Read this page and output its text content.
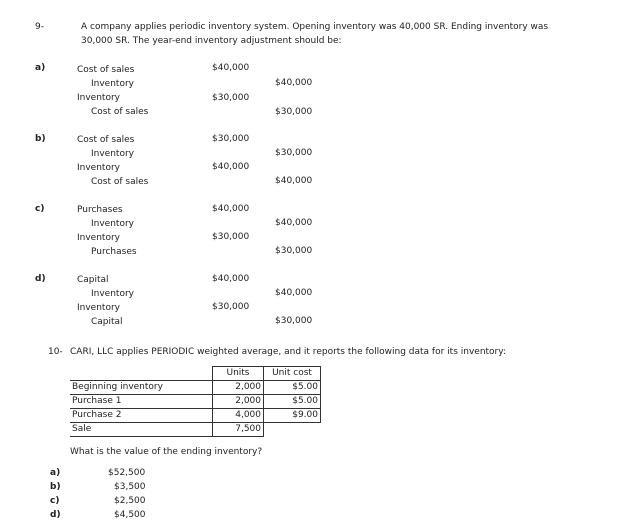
9-	A company applies periodic inventory system. Opening inventory was 40,000 SR. Ending inventory was
30,000 SR. The year-end inventory adjustment should be:
a)	Cost of sales	$40,000
Inventory	$40,000
Inventory	$30,000
Cost of sales	$30,000
b)	Cost of sales	$30,000
Inventory	$30,000
Inventory	$40,000
Cost of sales	$40,000
c)	Purchases	$40,000
Inventory	$40,000
Inventory	$30,000
Purchases	$30,000
d)	Capital	$40,000
Inventory	$40,000
Inventory	$30,000
Capital	$30,000
10- CARI, LLC applies PERIODIC weighted average, and it reports the following data for its inventory:
	Units	Unit cost
Beginning inventory	2,000	$5.00
Purchase 1	2,000	$5.00
Purchase 2	4,000	$9.00
Sale	7,500	
What is the value of the ending inventory?
a)	$52,500
b)	$3,500
c)	$2,500
d)	$4,500
